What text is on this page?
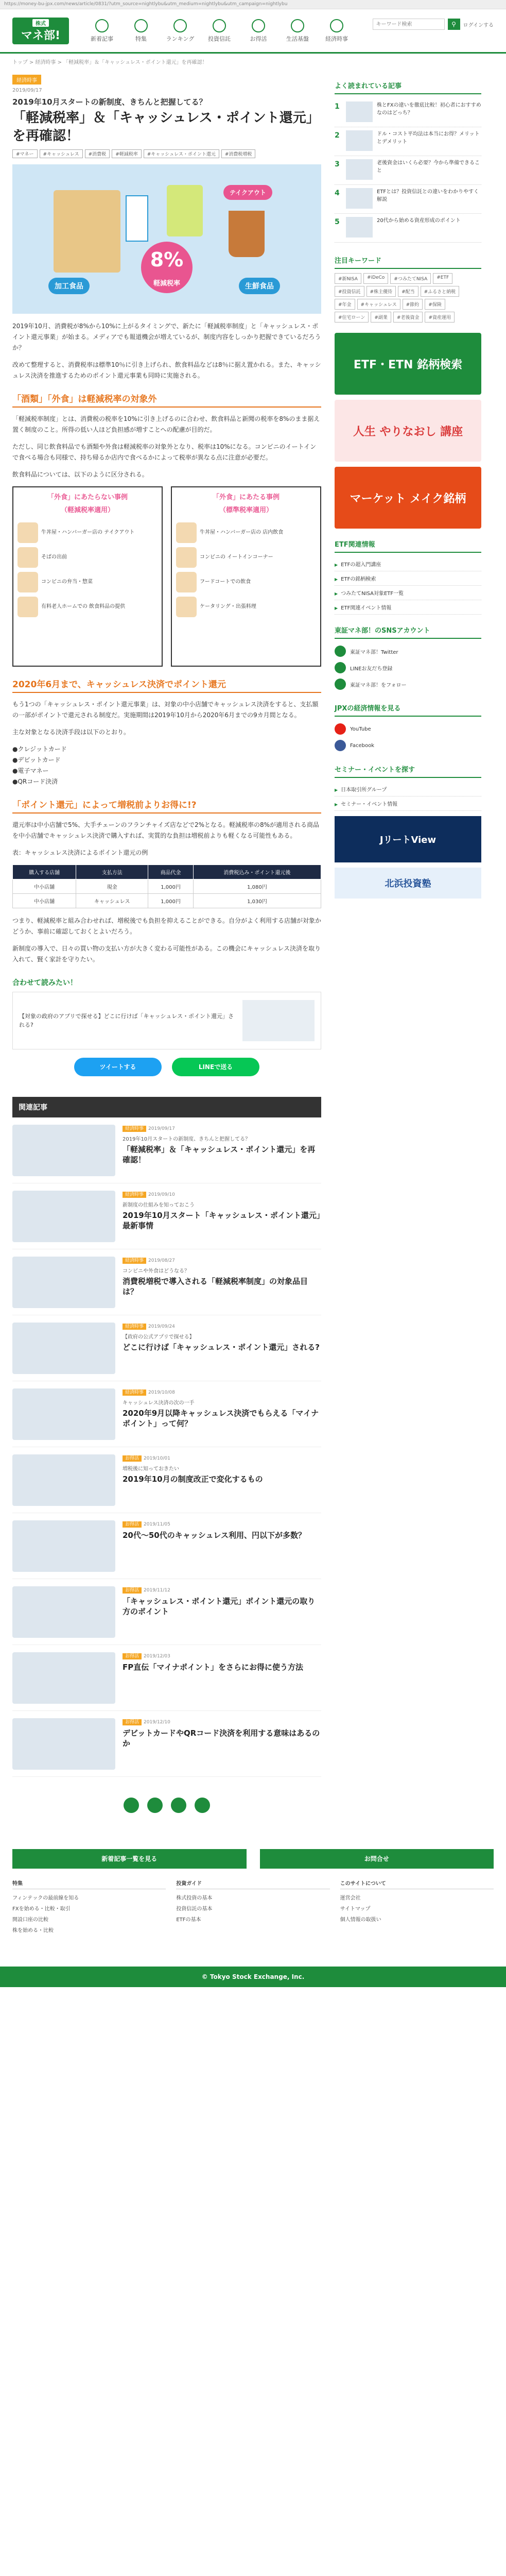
https://money-bu-jpx.com/news/article/0831/?utm_source=nightlybu&utm_medium=nightlybu&utm_campaign=nightlybu
株式
マネ部!	新着記事	特集	ランキング	投資信託	お得活	生活基盤	経済時事
キーワード検索
⚲	ログインする
トップ > 経済時事 > 「軽減税率」＆「キャッシュレス・ポイント還元」を再確認！
経済時事
2019/09/17
2019年10月スタートの新制度、きちんと把握してる？
「軽減税率」＆「キャッシュレス・ポイント還元」を再確認！
#マネー	#キャッシュレス	#消費税	#軽減税率	#キャッシュレス・ポイント還元	#消費税増税
テイクアウト
加工食品	生鮮食品
8%
軽減税率

2019年10月、消費税が8%から10%に上がるタイミングで、新たに「軽減税率制度」と「キャッシュレス・ポイント還元事業」が始まる。メディアでも報道機会が増えているが、制度内容をしっかり把握できているだろうか？

改めて整理すると、消費税率は標準10％に引き上げられ、飲食料品などは8％に据え置かれる。また、キャッシュレス決済を推進するためのポイント還元事業も同時に実施される。

「酒類」「外食」は軽減税率の対象外

「軽減税率制度」とは、消費税の税率を10%に引き上げるのに合わせ、飲食料品と新聞の税率を8%のまま据え置く制度のこと。所得の低い人ほど負担感が増すことへの配慮が目的だ。

ただし、同じ飲食料品でも酒類や外食は軽減税率の対象外となり、税率は10%になる。コンビニのイートインで食べる場合も同様で、持ち帰るか店内で食べるかによって税率が異なる点に注意が必要だ。

飲食料品については、以下のように区分される。

「外食」にあたらない事例
（軽減税率適用）
牛丼屋・ハンバーガー店の テイクアウト
そばの出前
コンビニの弁当・惣菜
有料老人ホームでの 飲食料品の提供
「外食」にあたる事例
（標準税率適用）
牛丼屋・ハンバーガー店の 店内飲食
コンビニの イートインコーナー
フードコートでの飲食
ケータリング・出張料理
2020年6月まで、キャッシュレス決済でポイント還元

もう1つの「キャッシュレス・ポイント還元事業」は、対象の中小店舗でキャッシュレス決済をすると、支払額の一部がポイントで還元される制度だ。実施期間は2019年10月から2020年6月までの9カ月間となる。

主な対象となる決済手段は以下のとおり。

●クレジットカード
●デビットカード
●電子マネー
●QRコード決済

「ポイント還元」によって増税前よりお得に!?

還元率は中小店舗で5%、大手チェーンのフランチャイズ店などで2%となる。軽減税率の8%が適用される商品を中小店舗でキャッシュレス決済で購入すれば、実質的な負担は増税前よりも軽くなる可能性もある。

表：キャッシュレス決済によるポイント還元の例

購入する店舗	支払方法	商品代金	消費税込み・ポイント還元後
中小店舗	現金	1,000円	1,080円
中小店舗	キャッシュレス	1,000円	1,030円

つまり、軽減税率と組み合わせれば、増税後でも負担を抑えることができる。自分がよく利用する店舗が対象かどうか、事前に確認しておくとよいだろう。

新制度の導入で、日々の買い物の支払い方が大きく変わる可能性がある。この機会にキャッシュレス決済を取り入れて、賢く家計を守りたい。

合わせて読みたい！
【対象の政府のアプリで探せる】どこに行けば「キャッシュレス・ポイント還元」される?
ツイートする	LINEで送る
関連記事
経済時事 2019/09/17
2019年10月スタートの新制度、きちんと把握してる？
「軽減税率」＆「キャッシュレス・ポイント還元」を再確認！
経済時事 2019/09/10
新制度の仕組みを知っておこう
2019年10月スタート「キャッシュレス・ポイント還元」最新事情
経済時事 2019/08/27
コンビニや外食はどうなる？
消費税増税で導入される「軽減税率制度」の対象品目は？
経済時事 2019/09/24
【政府の公式アプリで探せる】
どこに行けば「キャッシュレス・ポイント還元」される?
経済時事 2019/10/08
キャッシュレス決済の次の一手
2020年9月以降キャッシュレス決済でもらえる「マイナポイント」って何？
お得活 2019/10/01
増税後に知っておきたい
2019年10月の制度改正で変化するもの
お得活 2019/11/05
20代〜50代のキャッシュレス利用、円以下が多数？
お得活 2019/11/12
「キャッシュレス・ポイント還元」ポイント還元の取り方のポイント
お得活 2019/12/03
FP直伝「マイナポイント」をさらにお得に使う方法
お得活 2019/12/10
デビットカードやQRコード決済を利用する意味はあるのか
よく読まれている記事
1	株とFXの違いを徹底比較！初心者におすすめなのはどっち？
2	ドル・コスト平均法は本当にお得？メリットとデメリット
3	老後資金はいくら必要？今から準備できること
4	ETFとは？投資信託との違いをわかりやすく解説
5	20代から始める資産形成のポイント
注目キーワード
#新NISA	#iDeCo	#つみたてNISA	#ETF
#投資信託	#株主優待	#配当	#ふるさと納税
#年金	#キャッシュレス	#節約	#保険
#住宅ローン	#副業	#老後資金	#資産運用
ETF・ETN 銘柄検索
人生 やりなおし 講座
マーケット メイク銘柄
ETF関連情報
▶ ETFの超入門講座
▶ ETFの銘柄検索
▶ つみたてNISA対象ETF一覧
▶ ETF関連イベント情報
東証マネ部！のSNSアカウント
東証マネ部！Twitter
LINEお友だち登録
東証マネ部！をフォロー
JPXの経済情報を見る
YouTube
Facebook
セミナー・イベントを探す
▶ 日本取引所グループ
▶ セミナー・イベント情報
JリートView
北浜投資塾
新着記事一覧を見る	お問合せ
特集
フィンテックの最前線を知る
FXを始める・比較・取引
開設口座の比較
株を始める・比較
投資ガイド
株式投資の基本
投資信託の基本
ETFの基本
このサイトについて
運営会社
サイトマップ
個人情報の取扱い
© Tokyo Stock Exchange, Inc.
